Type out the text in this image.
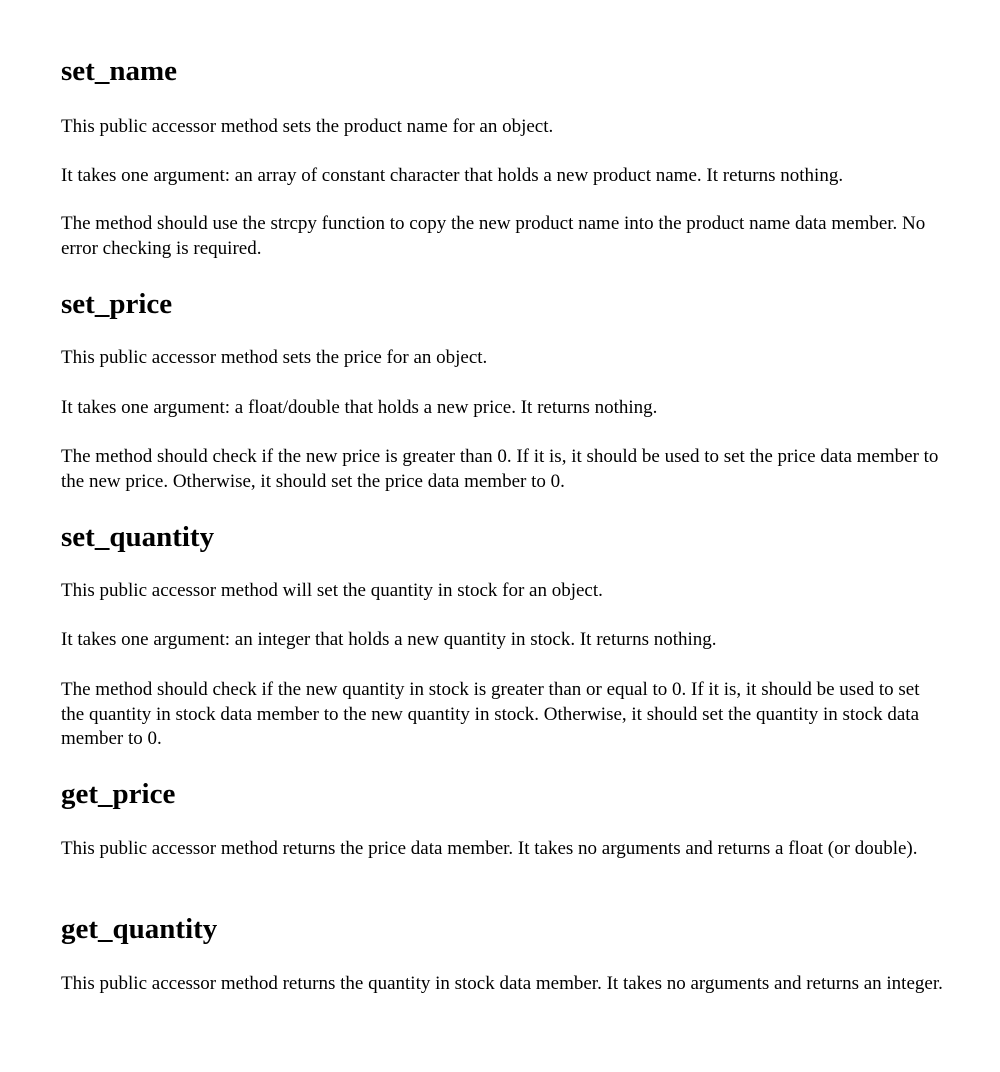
set_name

This public accessor method sets the product name for an object.

It takes one argument: an array of constant character that holds a new product name. It returns nothing.

The method should use the strcpy function to copy the new product name into the product name data member. No error checking is required.

set_price

This public accessor method sets the price for an object.

It takes one argument: a float/double that holds a new price. It returns nothing.

The method should check if the new price is greater than 0. If it is, it should be used to set the price data member to the new price. Otherwise, it should set the price data member to 0.

set_quantity

This public accessor method will set the quantity in stock for an object.

It takes one argument: an integer that holds a new quantity in stock. It returns nothing.

The method should check if the new quantity in stock is greater than or equal to 0. If it is, it should be used to set the quantity in stock data member to the new quantity in stock. Otherwise, it should set the quantity in stock data member to 0.

get_price

This public accessor method returns the price data member. It takes no arguments and returns a float (or double).

get_quantity

This public accessor method returns the quantity in stock data member. It takes no arguments and returns an integer.
